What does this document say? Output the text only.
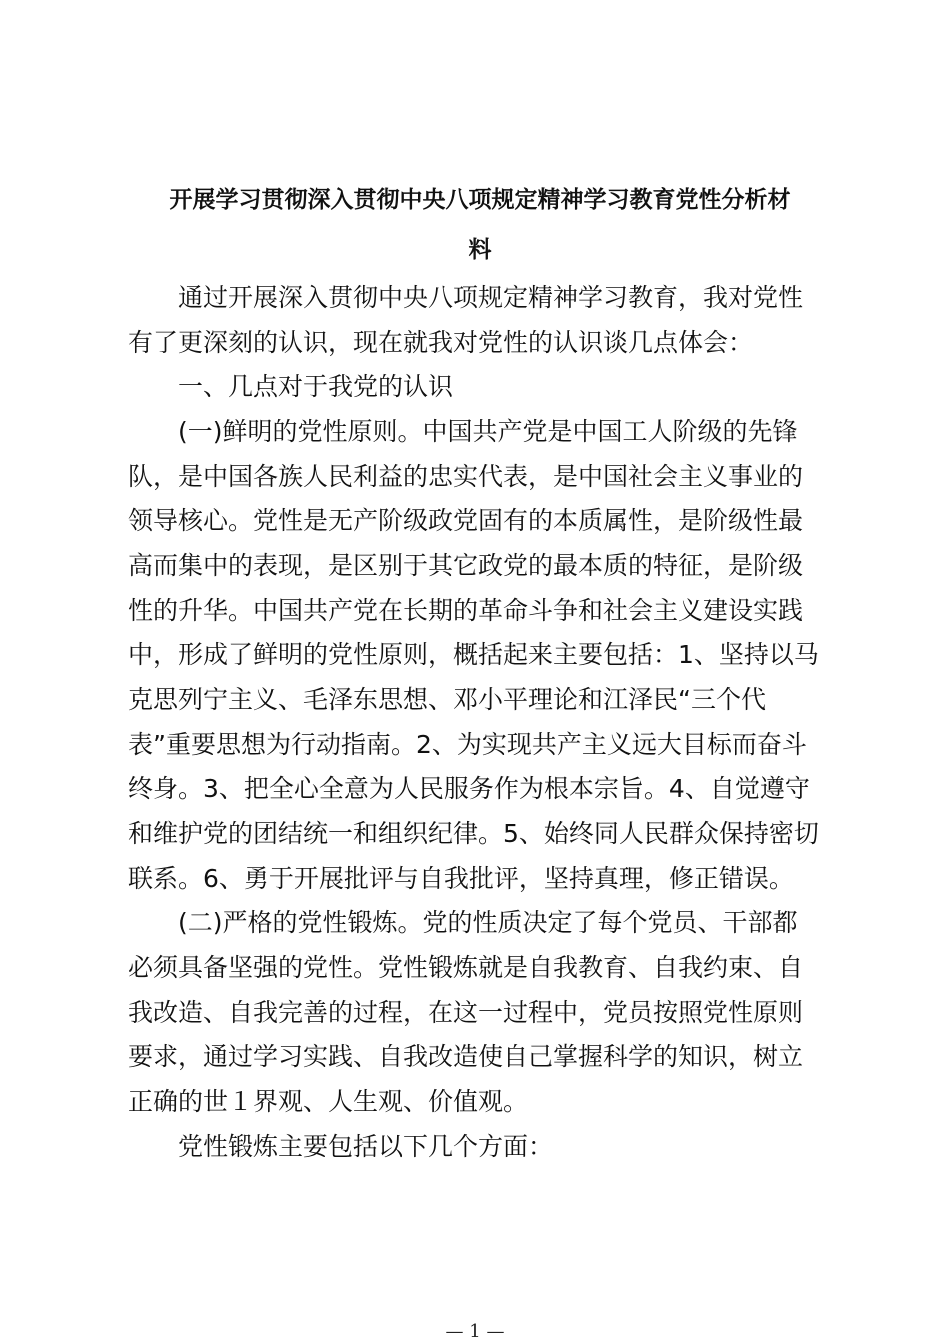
开展学习贯彻深入贯彻中央八项规定精神学习教育党性分析材
料

通过开展深入贯彻中央八项规定精神学习教育，我对党性

有了更深刻的认识，现在就我对党性的认识谈几点体会：

一、几点对于我党的认识

(一)鲜明的党性原则。中国共产党是中国工人阶级的先锋

队，是中国各族人民利益的忠实代表，是中国社会主义事业的

领导核心。党性是无产阶级政党固有的本质属性，是阶级性最

高而集中的表现，是区别于其它政党的最本质的特征，是阶级

性的升华。中国共产党在长期的革命斗争和社会主义建设实践

中，形成了鲜明的党性原则，概括起来主要包括：1、坚持以马

克思列宁主义、毛泽东思想、邓小平理论和江泽民“三个代

表”重要思想为行动指南。2、为实现共产主义远大目标而奋斗

终身。3、把全心全意为人民服务作为根本宗旨。4、自觉遵守

和维护党的团结统一和组织纪律。5、始终同人民群众保持密切

联系。6、勇于开展批评与自我批评，坚持真理，修正错误。

(二)严格的党性锻炼。党的性质决定了每个党员、干部都

必须具备坚强的党性。党性锻炼就是自我教育、自我约束、自

我改造、自我完善的过程，在这一过程中，党员按照党性原则

要求，通过学习实践、自我改造使自己掌握科学的知识，树立

正确的世１界观、人生观、价值观。

党性锻炼主要包括以下几个方面：

— 1 —
